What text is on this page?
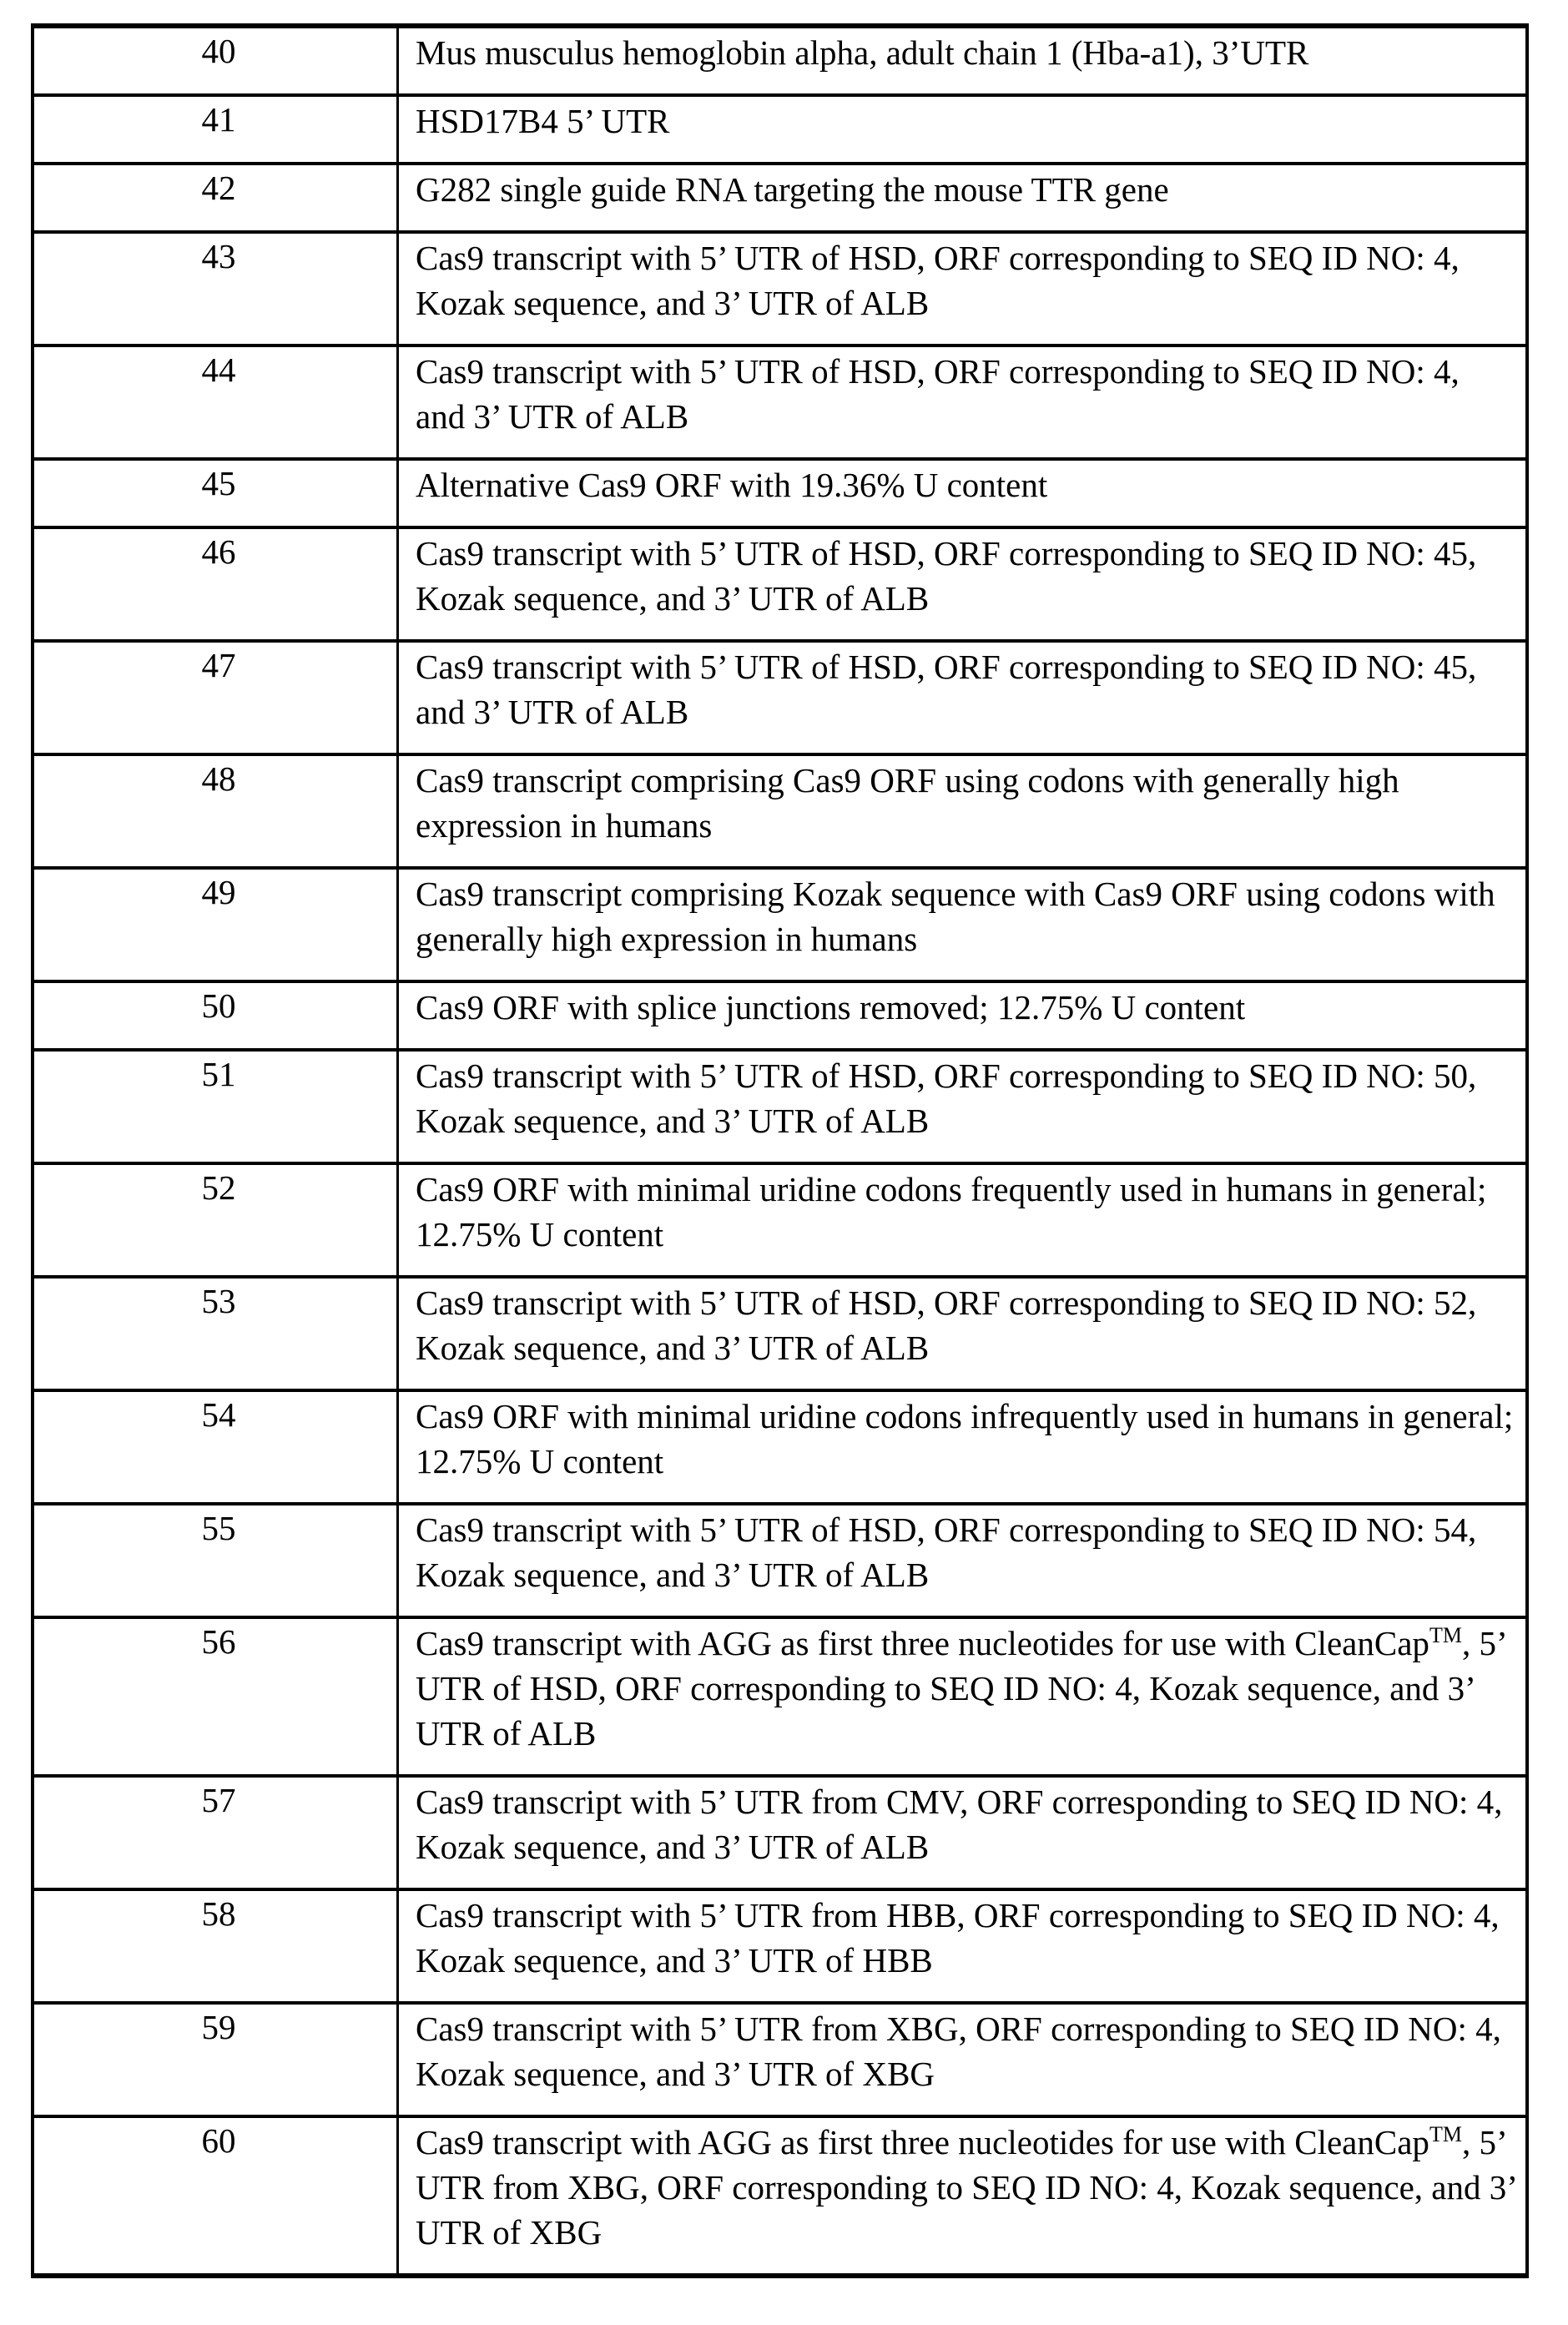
40	Mus musculus hemoglobin alpha, adult chain 1 (Hba-a1), 3’UTR

41	HSD17B4 5’ UTR

42	G282 single guide RNA targeting the mouse TTR gene

43	Cas9 transcript with 5’ UTR of HSD, ORF corresponding to SEQ ID NO: 4, Kozak sequence, and 3’ UTR of ALB

44	Cas9 transcript with 5’ UTR of HSD, ORF corresponding to SEQ ID NO: 4, and 3’ UTR of ALB

45	Alternative Cas9 ORF with 19.36% U content

46	Cas9 transcript with 5’ UTR of HSD, ORF corresponding to SEQ ID NO: 45, Kozak sequence, and 3’ UTR of ALB

47	Cas9 transcript with 5’ UTR of HSD, ORF corresponding to SEQ ID NO: 45, and 3’ UTR of ALB

48	Cas9 transcript comprising Cas9 ORF using codons with generally high expression in humans

49	Cas9 transcript comprising Kozak sequence with Cas9 ORF using codons with generally high expression in humans

50	Cas9 ORF with splice junctions removed; 12.75% U content

51	Cas9 transcript with 5’ UTR of HSD, ORF corresponding to SEQ ID NO: 50, Kozak sequence, and 3’ UTR of ALB

52	Cas9 ORF with minimal uridine codons frequently used in humans in general; 12.75% U content

53	Cas9 transcript with 5’ UTR of HSD, ORF corresponding to SEQ ID NO: 52, Kozak sequence, and 3’ UTR of ALB

54	Cas9 ORF with minimal uridine codons infrequently used in humans in general; 12.75% U content

55	Cas9 transcript with 5’ UTR of HSD, ORF corresponding to SEQ ID NO: 54, Kozak sequence, and 3’ UTR of ALB

56	Cas9 transcript with AGG as first three nucleotides for use with CleanCap™, 5’ UTR of HSD, ORF corresponding to SEQ ID NO: 4, Kozak sequence, and 3’ UTR of ALB

57	Cas9 transcript with 5’ UTR from CMV, ORF corresponding to SEQ ID NO: 4, Kozak sequence, and 3’ UTR of ALB

58	Cas9 transcript with 5’ UTR from HBB, ORF corresponding to SEQ ID NO: 4, Kozak sequence, and 3’ UTR of HBB

59	Cas9 transcript with 5’ UTR from XBG, ORF corresponding to SEQ ID NO: 4, Kozak sequence, and 3’ UTR of XBG

60	Cas9 transcript with AGG as first three nucleotides for use with CleanCap™, 5’ UTR from XBG, ORF corresponding to SEQ ID NO: 4, Kozak sequence, and 3’ UTR of XBG
